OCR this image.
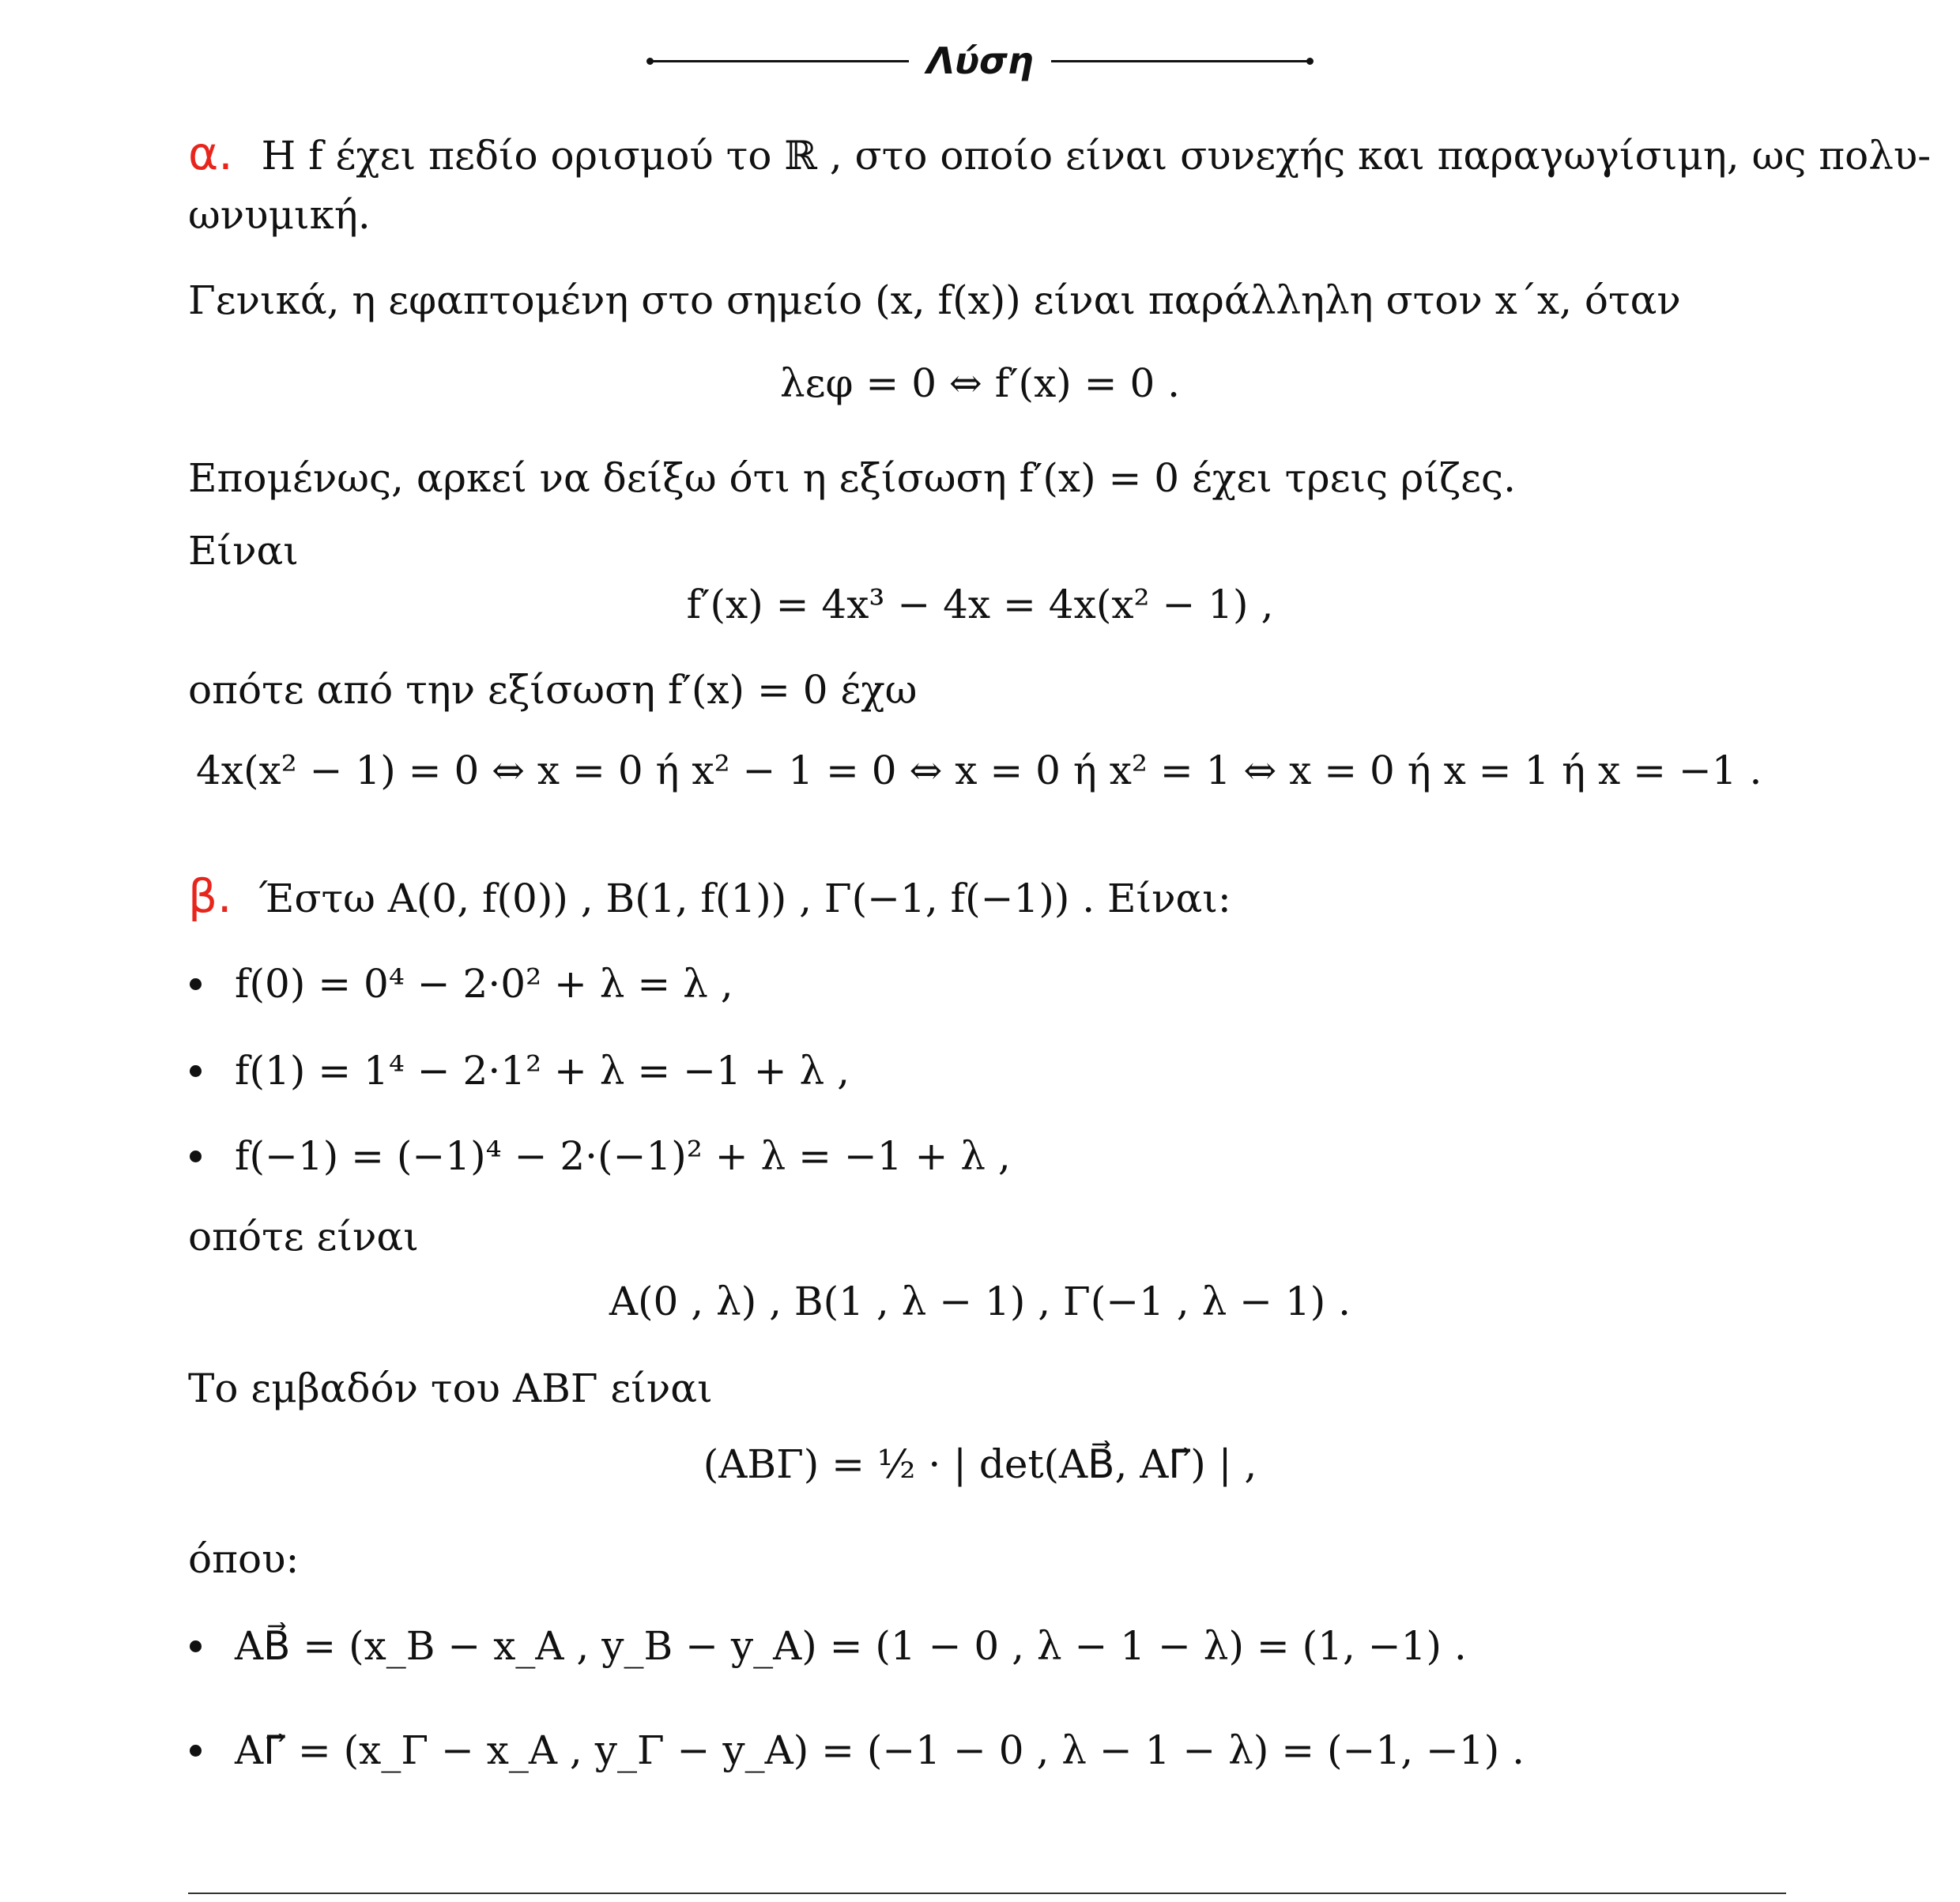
Λύση
α. Η f έχει πεδίο ορισμού το ℝ , στο οποίο είναι συνεχής και παραγωγίσιμη, ως πολυ-
ωνυμική.
Γενικά, η εφαπτομένη στο σημείο (x, f(x)) είναι παράλληλη στον x΄x, όταν
λεφ = 0 ⇔ f′(x) = 0 .
Επομένως, αρκεί να δείξω ότι η εξίσωση f′(x) = 0 έχει τρεις ρίζες.
Είναι
f′(x) = 4x³ − 4x = 4x(x² − 1) ,
οπότε από την εξίσωση f′(x) = 0 έχω
4x(x² − 1) = 0 ⇔ x = 0 ή x² − 1 = 0 ⇔ x = 0 ή x² = 1 ⇔ x = 0 ή x = 1 ή x = −1 .
β. Έστω A(0, f(0)) , B(1, f(1)) , Γ(−1, f(−1)) . Είναι:
f(0) = 0⁴ − 2·0² + λ = λ ,
f(1) = 1⁴ − 2·1² + λ = −1 + λ ,
f(−1) = (−1)⁴ − 2·(−1)² + λ = −1 + λ ,
οπότε είναι
A(0 , λ) , B(1 , λ − 1) , Γ(−1 , λ − 1) .
Το εμβαδόν του ΑΒΓ είναι
(ΑΒΓ) = ½ · | det(AB⃗, AΓ⃗) | ,
όπου:
AB⃗ = (x_B − x_A , y_B − y_A) = (1 − 0 , λ − 1 − λ) = (1, −1) .
AΓ⃗ = (x_Γ − x_A , y_Γ − y_A) = (−1 − 0 , λ − 1 − λ) = (−1, −1) .
